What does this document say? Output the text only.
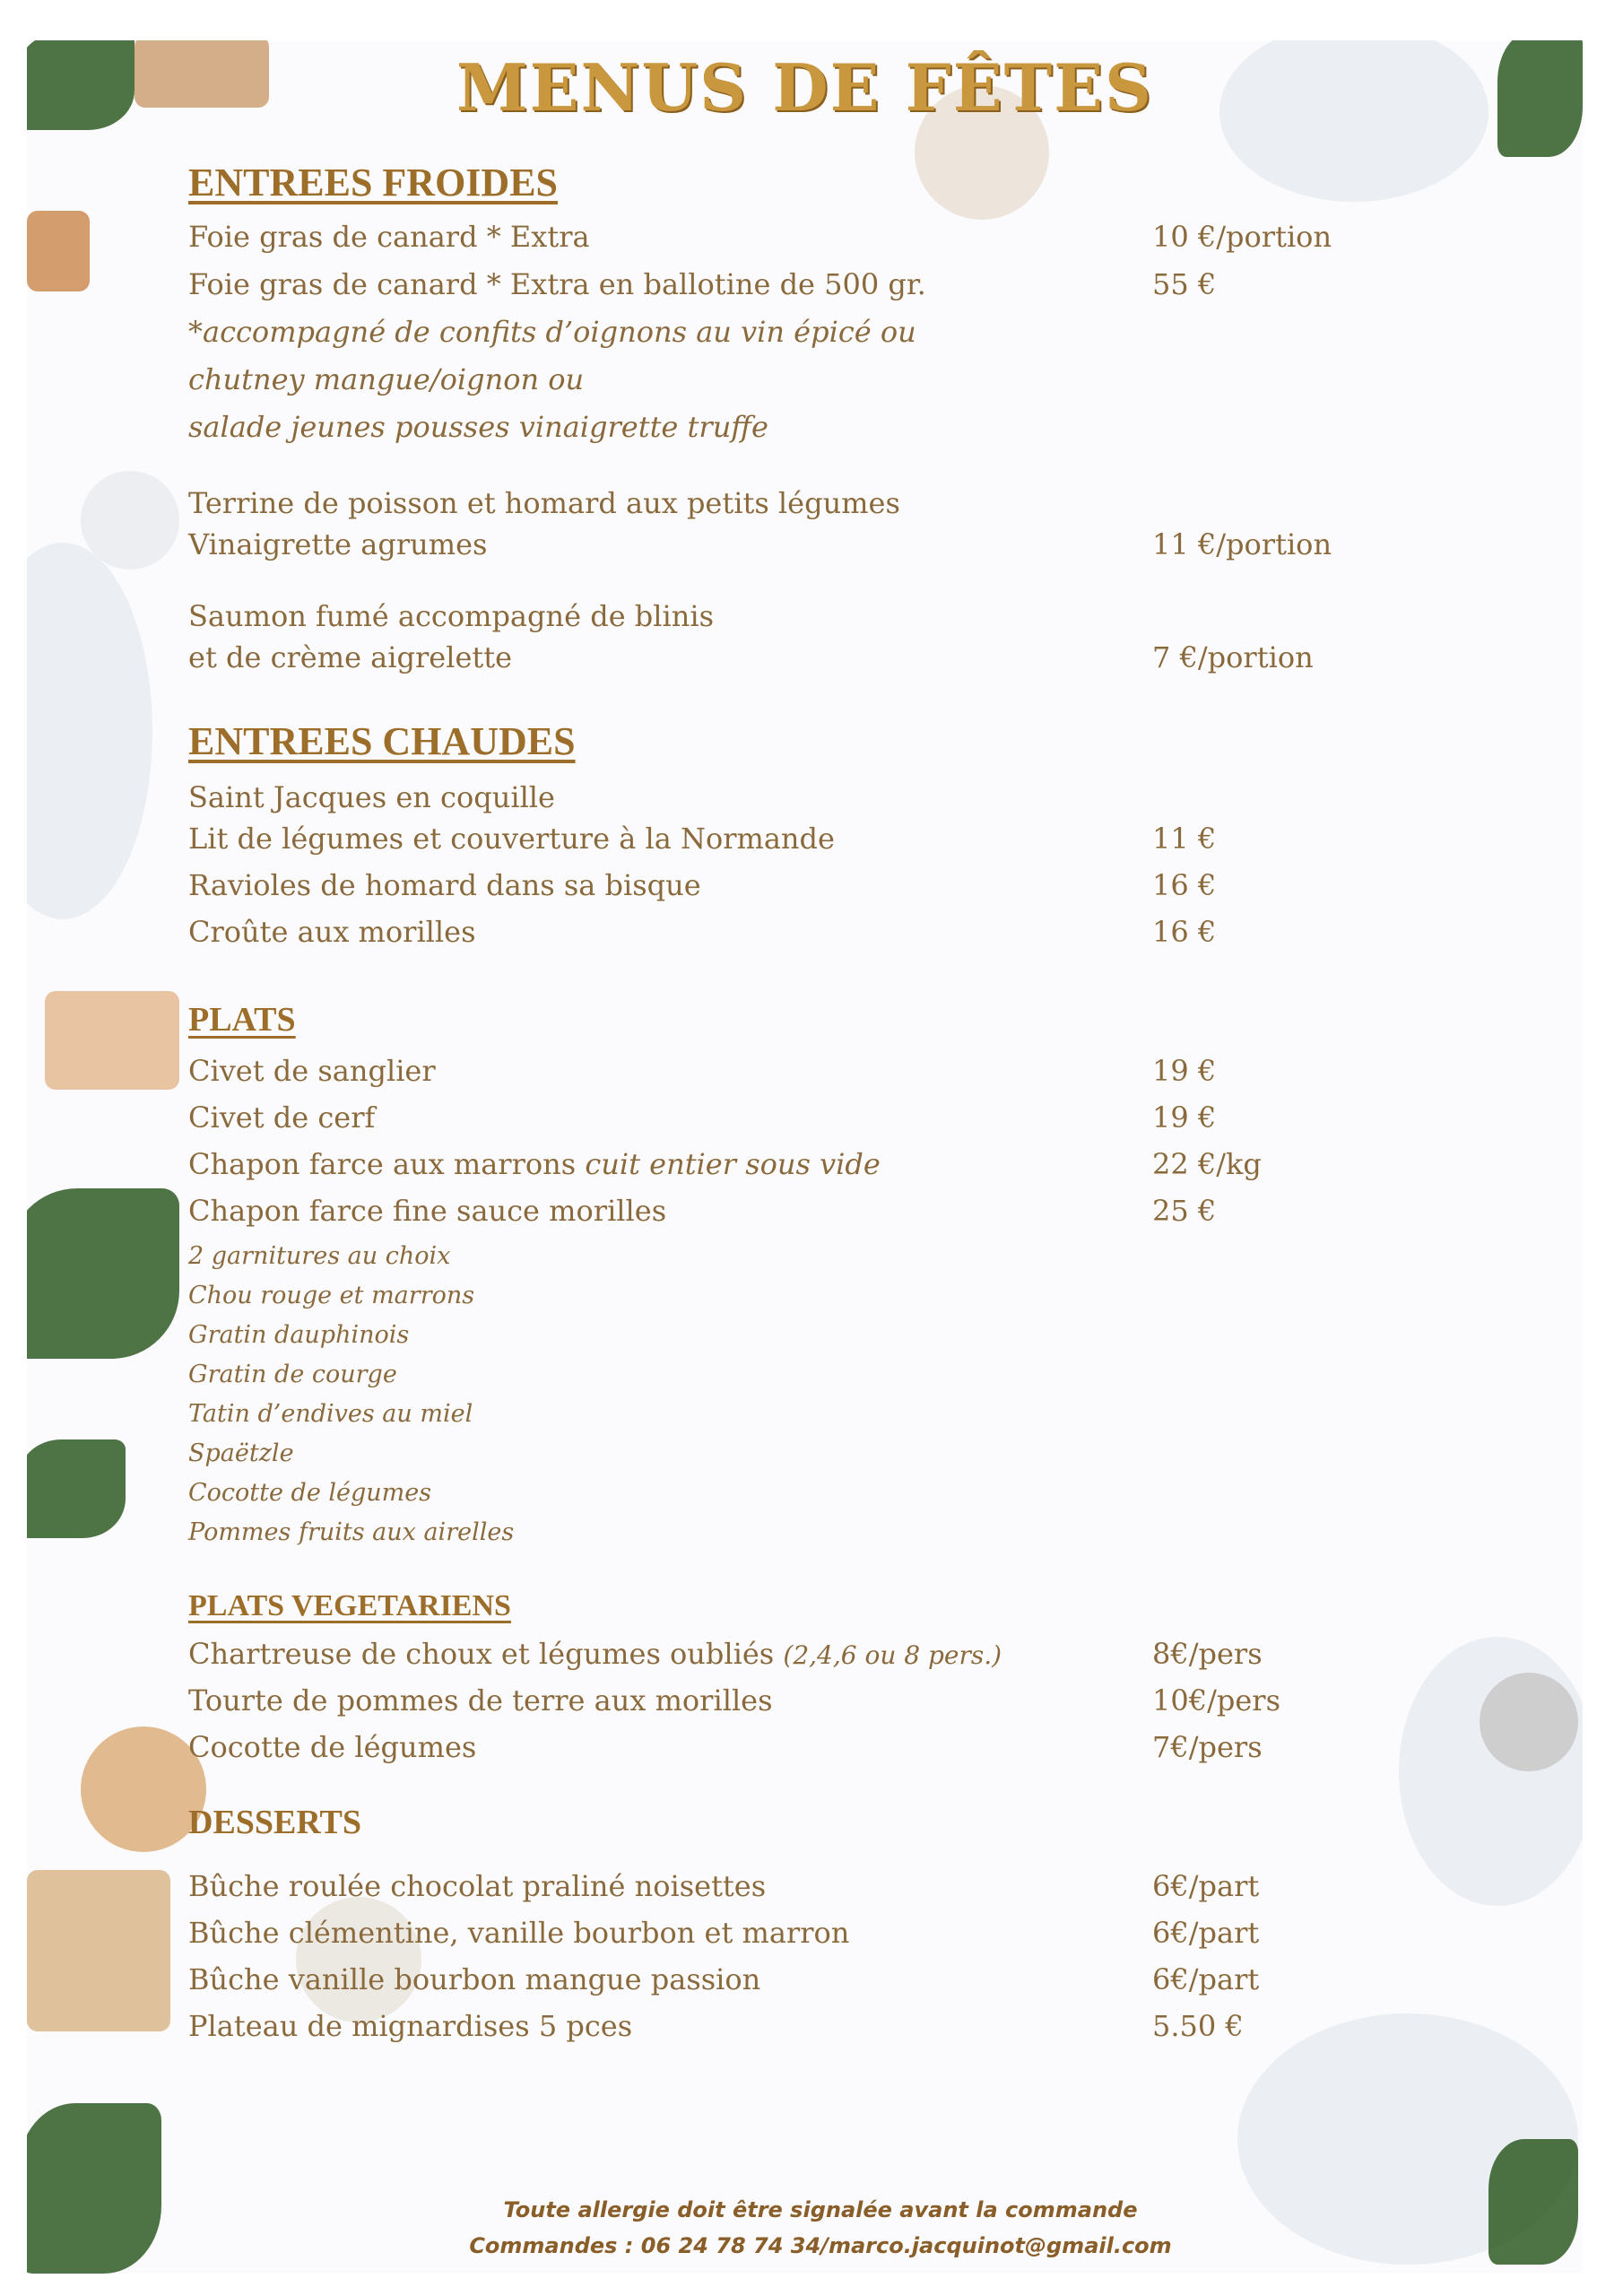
MENUS DE FÊTES
ENTREES FROIDES
Foie gras de canard * Extra	10 €/portion
Foie gras de canard * Extra en ballotine de 500 gr.	55 €
*accompagné de confits d’oignons au vin épicé ou
chutney mangue/oignon ou
salade jeunes pousses vinaigrette truffe
Terrine de poisson et homard aux petits légumes
Vinaigrette agrumes	11 €/portion
Saumon fumé accompagné de blinis
et de crème aigrelette	7 €/portion
ENTREES CHAUDES
Saint Jacques en coquille
Lit de légumes et couverture à la Normande	11 €
Ravioles de homard dans sa bisque	16 €
Croûte aux morilles	16 €
PLATS
Civet de sanglier	19 €
Civet de cerf	19 €
Chapon farce aux marrons cuit entier sous vide	22 €/kg
Chapon farce fine sauce morilles	25 €
2 garnitures au choix
Chou rouge et marrons
Gratin dauphinois
Gratin de courge
Tatin d’endives au miel
Spaëtzle
Cocotte de légumes
Pommes fruits aux airelles
PLATS VEGETARIENS
Chartreuse de choux et légumes oubliés (2,4,6 ou 8 pers.)	8€/pers
Tourte de pommes de terre aux morilles	10€/pers
Cocotte de légumes	7€/pers
DESSERTS
Bûche roulée chocolat praliné noisettes	6€/part
Bûche clémentine, vanille bourbon et marron	6€/part
Bûche vanille bourbon mangue passion	6€/part
Plateau de mignardises 5 pces	5.50 €
Toute allergie doit être signalée avant la commande
Commandes : 06 24 78 74 34/marco.jacquinot@gmail.com
